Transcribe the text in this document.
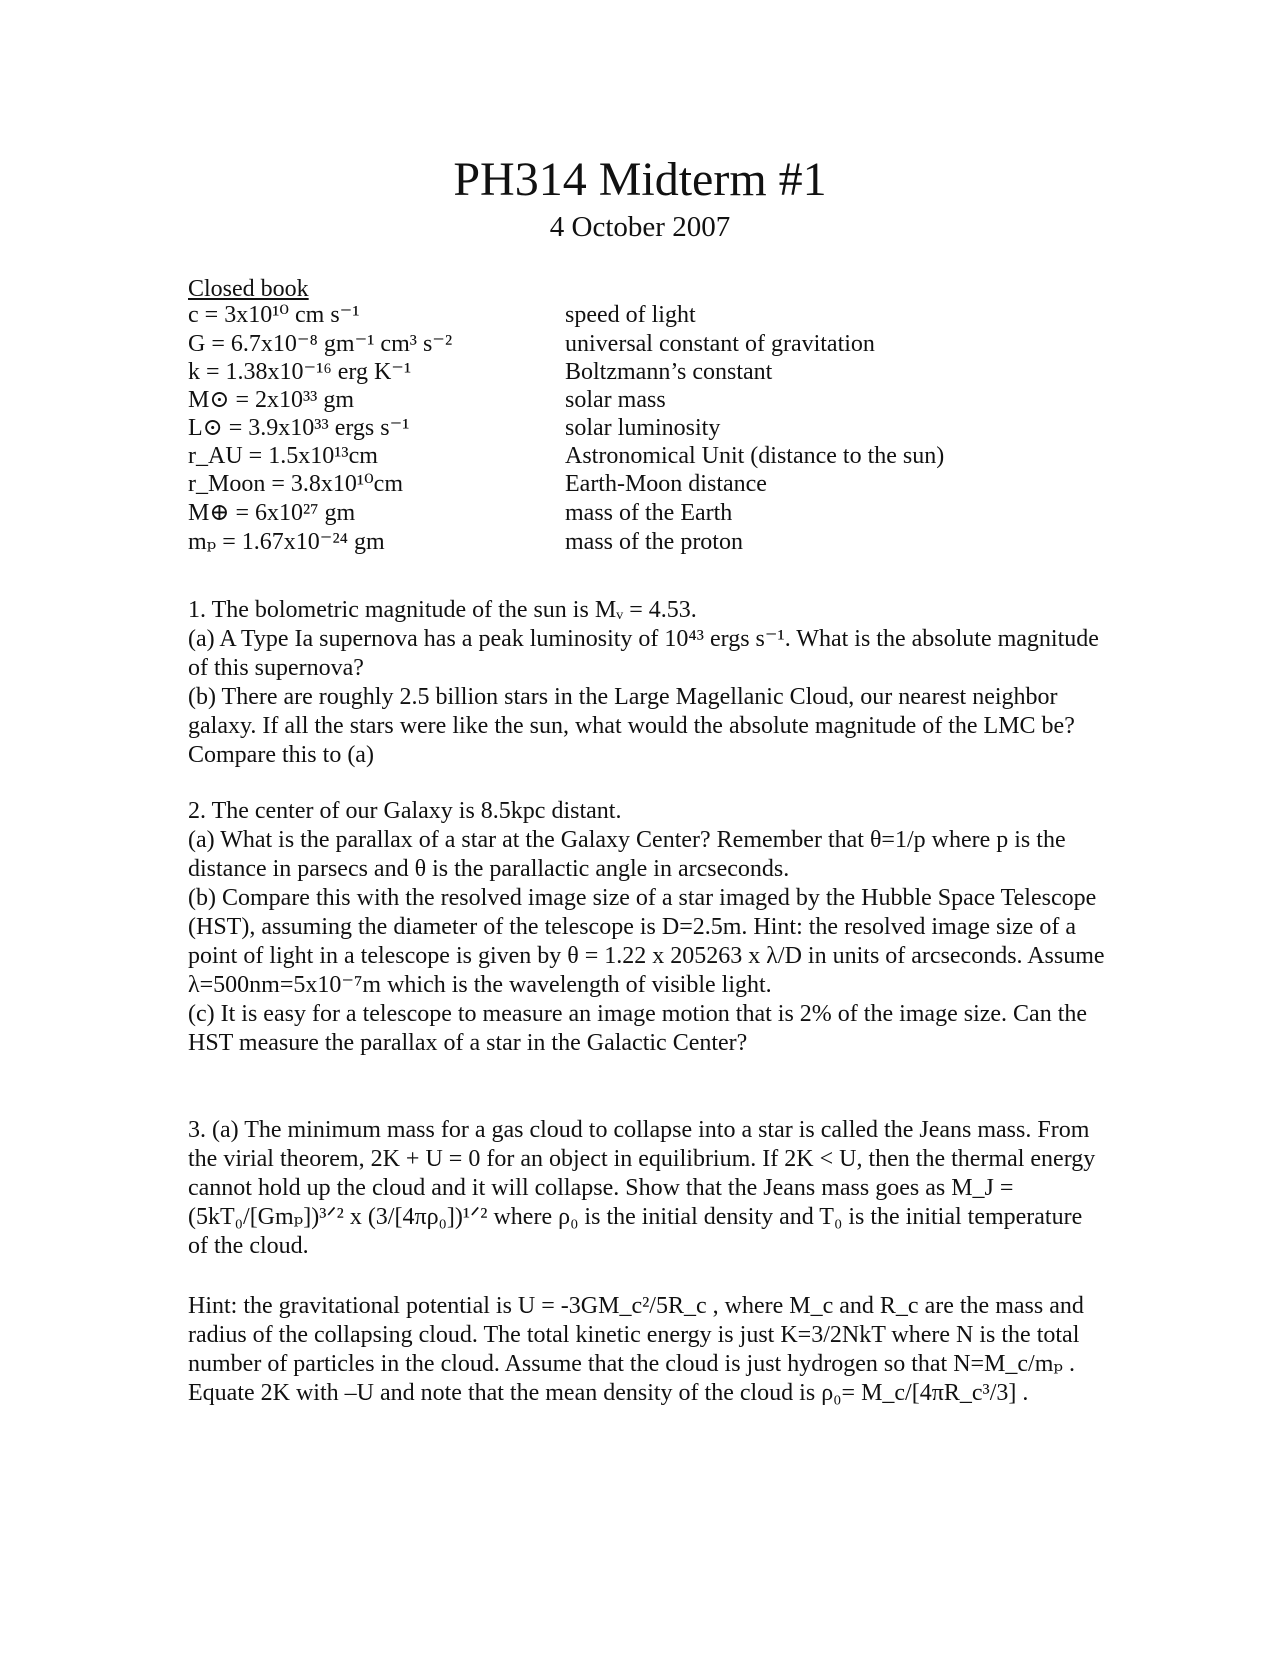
PH314 Midterm #1
4 October 2007
Closed book
c = 3x10¹⁰ cm s⁻¹	speed of light
G = 6.7x10⁻⁸ gm⁻¹ cm³ s⁻²	universal constant of gravitation
k = 1.38x10⁻¹⁶ erg K⁻¹	Boltzmann’s constant
M⊙ = 2x10³³ gm	solar mass
L⊙ = 3.9x10³³ ergs s⁻¹	solar luminosity
r_AU = 1.5x10¹³cm	Astronomical Unit (distance to the sun)
r_Moon = 3.8x10¹⁰cm	Earth-Moon distance
M⊕ = 6x10²⁷ gm	mass of the Earth
mₚ = 1.67x10⁻²⁴ gm	mass of the proton

1. The bolometric magnitude of the sun is Mᵥ = 4.53.

(a) A Type Ia supernova has a peak luminosity of 10⁴³ ergs s⁻¹. What is the absolute magnitude of this supernova?

(b) There are roughly 2.5 billion stars in the Large Magellanic Cloud, our nearest neighbor galaxy. If all the stars were like the sun, what would the absolute magnitude of the LMC be? Compare this to (a)

2. The center of our Galaxy is 8.5kpc distant.

(a) What is the parallax of a star at the Galaxy Center? Remember that θ=1/p where p is the distance in parsecs and θ is the parallactic angle in arcseconds.

(b) Compare this with the resolved image size of a star imaged by the Hubble Space Telescope (HST), assuming the diameter of the telescope is D=2.5m. Hint: the resolved image size of a point of light in a telescope is given by θ = 1.22 x 205263 x λ/D in units of arcseconds. Assume λ=500nm=5x10⁻⁷m which is the wavelength of visible light.

(c) It is easy for a telescope to measure an image motion that is 2% of the image size. Can the HST measure the parallax of a star in the Galactic Center?

3. (a) The minimum mass for a gas cloud to collapse into a star is called the Jeans mass. From the virial theorem, 2K + U = 0 for an object in equilibrium. If 2K < U, then the thermal energy cannot hold up the cloud and it will collapse. Show that the Jeans mass goes as M_J = (5kT₀/[Gmₚ])³ᐟ² x (3/[4πρ₀])¹ᐟ² where ρ₀ is the initial density and T₀ is the initial temperature of the cloud.

Hint: the gravitational potential is U = -3GM_c²/5R_c , where M_c and R_c are the mass and radius of the collapsing cloud. The total kinetic energy is just K=3/2NkT where N is the total number of particles in the cloud. Assume that the cloud is just hydrogen so that N=M_c/mₚ . Equate 2K with –U and note that the mean density of the cloud is ρ₀= M_c/[4πR_c³/3] .
